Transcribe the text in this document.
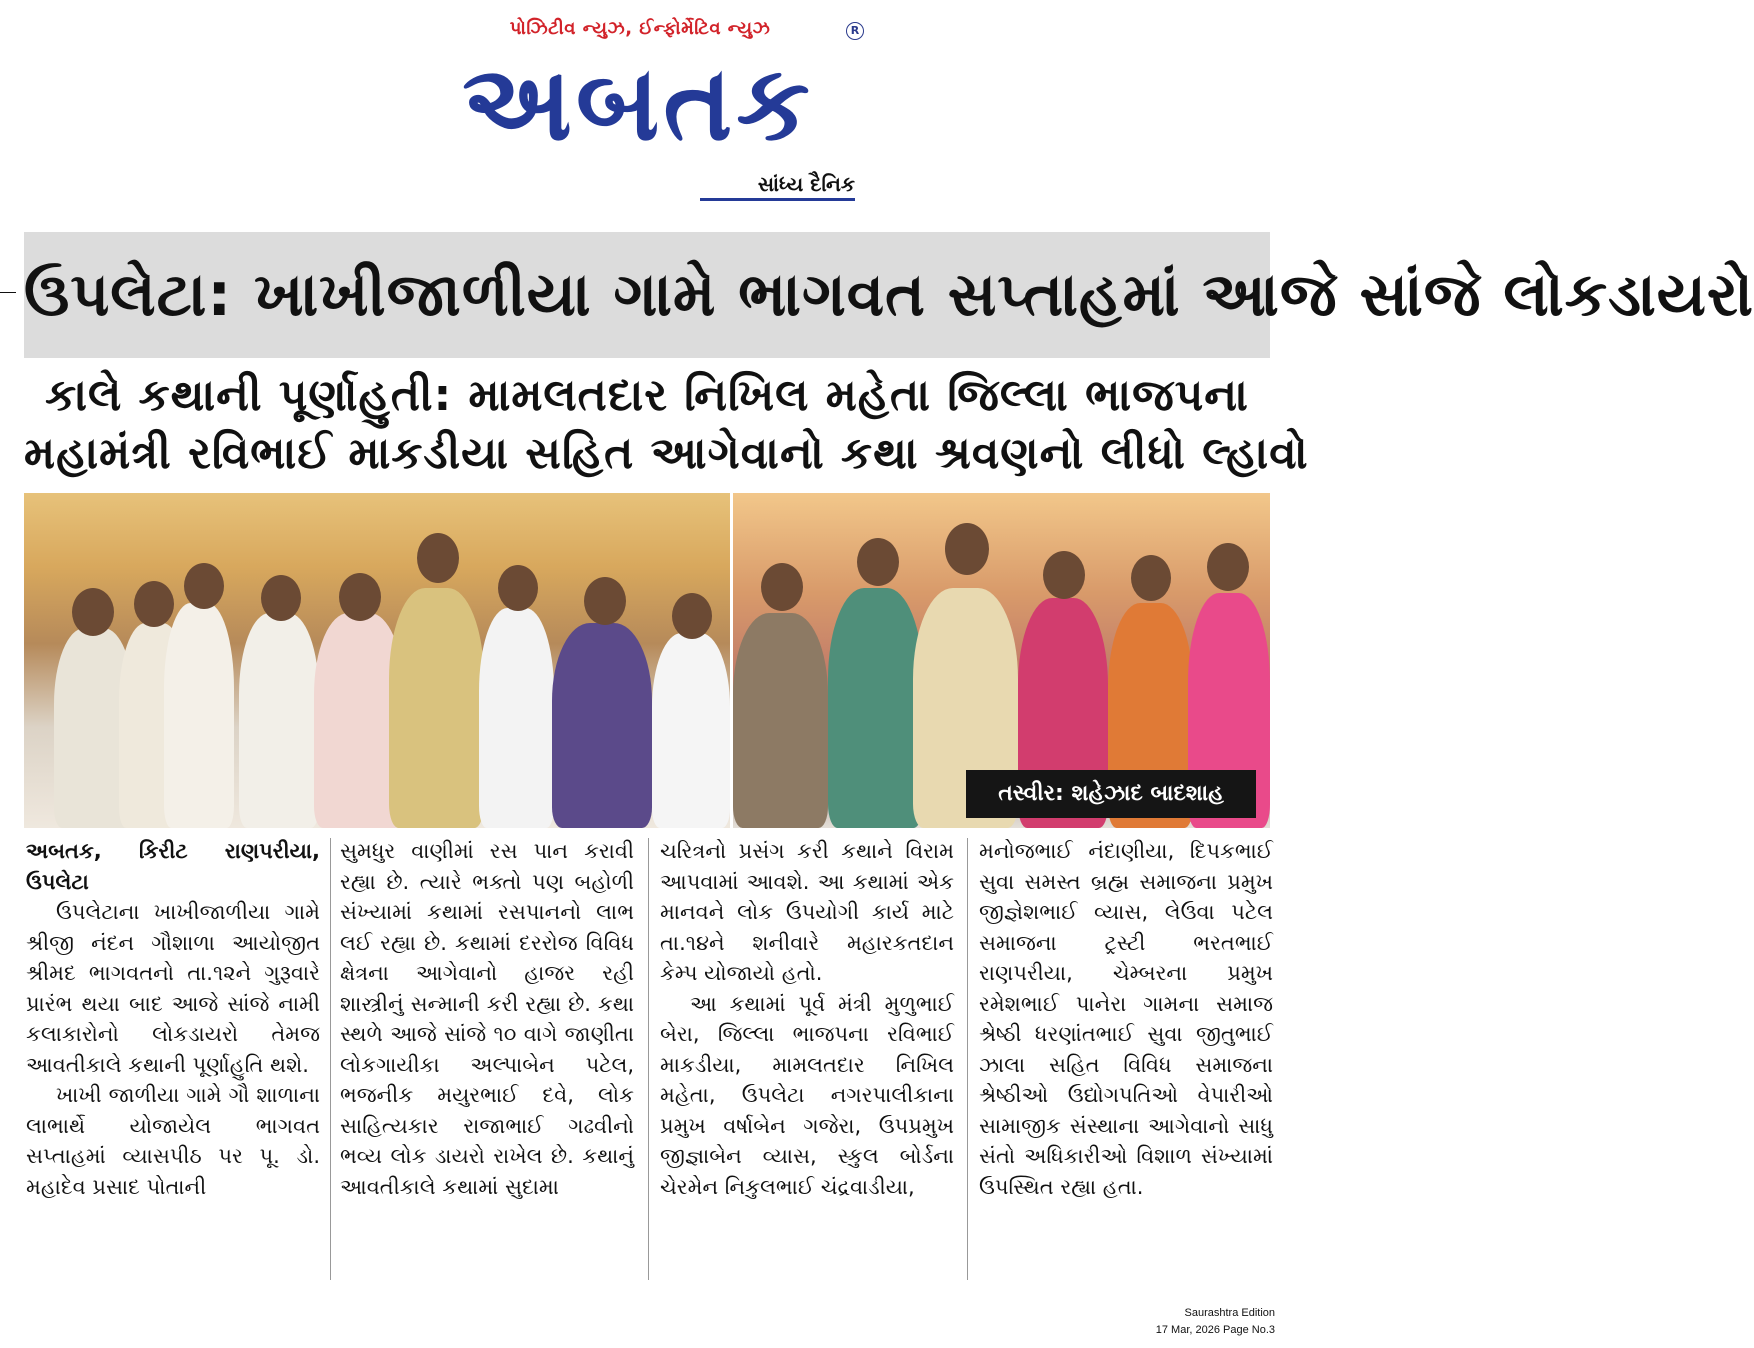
પોઝિટીવ ન્યુઝ, ઈન્ફોર્મેટિવ ન્યુઝ	R
અબતક
સાંધ્ય દૈનિક
ઉપલેટા: ખાખીજાળીયા ગામે ભાગવત સપ્તાહમાં આજે સાંજે લોકડાયરો
કાલે કથાની પૂર્ણાહુતી: મામલતદાર નિખિલ મહેતા જિલ્લા ભાજપના
મહામંત્રી રવિભાઈ માકડીયા સહિત આગેવાનો કથા શ્રવણનો લીધો લ્હાવો
તસ્વીર: શહેઝાદ બાદશાહ

અબતક, કિરીટ રાણપરીયા, ઉપલેટા

ઉપલેટાના ખાખીજાળીયા ગામે શ્રીજી નંદન ગૌશાળા આયોજીત શ્રીમદ ભાગવતનો તા.૧૨ને ગુરૂવારે પ્રારંભ થયા બાદ આજે સાંજે નામી કલાકારોનો લોકડાયરો તેમજ આવતીકાલે કથાની પૂર્ણાહુતિ થશે.

ખાખી જાળીયા ગામે ગૌ શાળાના લાભાર્થે યોજાયેલ ભાગવત સપ્તાહમાં વ્યાસપીઠ પર પૂ. ડો. મહાદેવ પ્રસાદ પોતાની

સુમધુર વાણીમાં રસ પાન કરાવી રહ્યા છે. ત્યારે ભક્તો પણ બહોળી સંખ્યામાં કથામાં રસપાનનો લાભ લઈ રહ્યા છે. કથામાં દરરોજ વિવિધ ક્ષેત્રના આગેવાનો હાજર રહી શાસ્ત્રીનું સન્માની કરી રહ્યા છે. કથા સ્થળે આજે સાંજે ૧૦ વાગે જાણીતા લોકગાયીકા અલ્પાબેન પટેલ, ભજનીક મયુરભાઈ દવે, લોક સાહિત્યકાર રાજાભાઈ ગઢવીનો ભવ્ય લોક ડાયરો રાખેલ છે. કથાનું આવતીકાલે કથામાં સુદામા

ચરિત્રનો પ્રસંગ કરી કથાને વિરામ આપવામાં આવશે. આ કથામાં એક માનવને લોક ઉપયોગી કાર્ય માટે તા.૧૪ને શનીવારે મહારકતદાન કેમ્પ યોજાયો હતો.

આ કથામાં પૂર્વ મંત્રી મુળુભાઈ બેરા, જિલ્લા ભાજપના રવિભાઈ માકડીયા, મામલતદાર નિખિલ મહેતા, ઉપલેટા નગરપાલીકાના પ્રમુખ વર્ષાબેન ગજેરા, ઉપપ્રમુખ જીજ્ઞાબેન વ્યાસ, સ્કુલ બોર્ડના ચેરમેન નિકુલભાઈ ચંદ્રવાડીયા,

મનોજભાઈ નંદાણીયા, દિપકભાઈ સુવા સમસ્ત બ્રહ્મ સમાજના પ્રમુખ જીજ્ઞેશભાઈ વ્યાસ, લેઉવા પટેલ સમાજના ટ્રસ્ટી ભરતભાઈ રાણપરીયા, ચેમ્બરના પ્રમુખ રમેશભાઈ પાનેરા ગામના સમાજ શ્રેષ્ઠી ધરણાંતભાઈ સુવા જીતુભાઈ ઝાલા સહિત વિવિધ સમાજના શ્રેષ્ઠીઓ ઉદ્યોગપતિઓ વેપારીઓ સામાજીક સંસ્થાના આગેવાનો સાધુ સંતો અધિકારીઓ વિશાળ સંખ્યામાં ઉપસ્થિત રહ્યા હતા.

Saurashtra Edition
17 Mar, 2026 Page No.3
